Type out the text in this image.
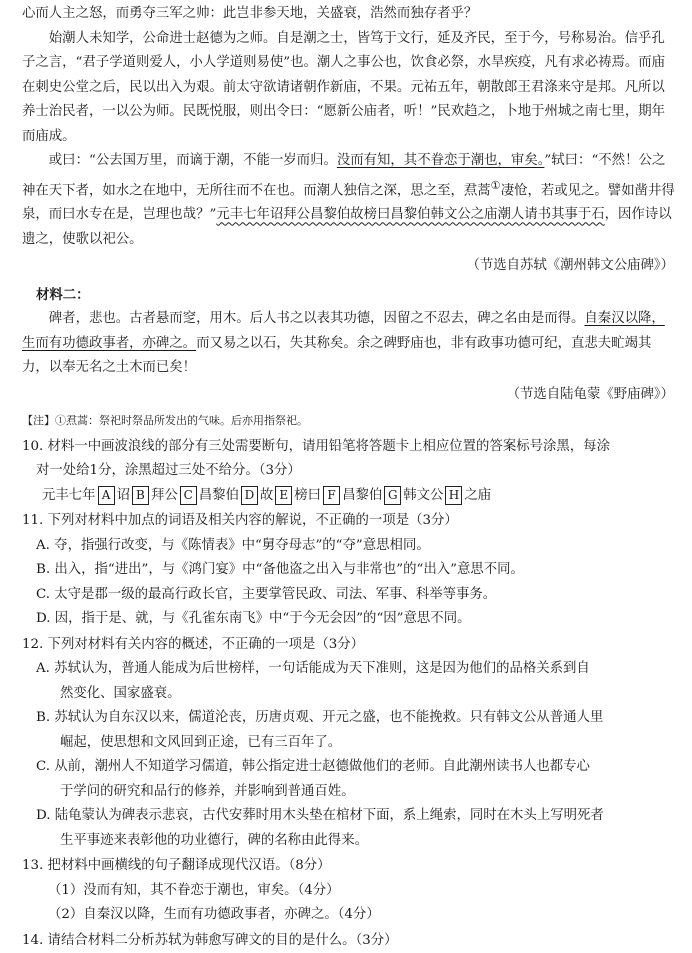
心而人主之怒，而勇夺三军之帅：此岂非参天地，关盛衰，浩然而独存者乎？

始潮人未知学，公命进士赵德为之师。自是潮之士，皆笃于文行，延及齐民，至于今，号称易治。信乎孔子之言，“君子学道则爱人，小人学道则易使”也。潮人之事公也，饮食必祭，水旱疾疫，凡有求必祷焉。而庙在刺史公堂之后，民以出入为艰。前太守欲请诸朝作新庙，不果。元祐五年，朝散郎王君涤来守是邦。凡所以养士治民者，一以公为师。民既悦服，则出令曰：“愿新公庙者，听！”民欢趋之，卜地于州城之南七里，期年而庙成。

或曰：“公去国万里，而谪于潮，不能一岁而归。没而有知，其不眷恋于潮也，审矣。”轼曰：“不然！公之神在天下者，如水之在地中，无所往而不在也。而潮人独信之深，思之至，焄蒿①凄怆，若或见之。譬如凿井得泉，而曰水专在是，岂理也哉？”元丰七年诏拜公昌黎伯故榜曰昌黎伯韩文公之庙潮人请书其事于石，因作诗以遗之，使歌以祀公。

（节选自苏轼《潮州韩文公庙碑》）

材料二：

碑者，悲也。古者悬而窆，用木。后人书之以表其功德，因留之不忍去，碑之名由是而得。自秦汉以降，生而有功德政事者，亦碑之。而又易之以石，失其称矣。余之碑野庙也，非有政事功德可纪，直悲夫甿竭其力，以奉无名之土木而已矣！

（节选自陆龟蒙《野庙碑》）

【注】①焄蒿：祭祀时祭品所发出的气味。后亦用指祭祀。

10. 材料一中画波浪线的部分有三处需要断句，请用铅笔将答题卡上相应位置的答案标号涂黑，每涂

对一处给1分，涂黑超过三处不给分。（3分）

元丰七年 A 诏 B 拜公 C 昌黎伯 D 故 E 榜曰 F 昌黎伯 G 韩文公 H 之庙

11. 下列对材料中加点的词语及相关内容的解说，不正确的一项是（3分）

A. 夺，指强行改变，与《陈情表》中“舅夺母志”的“夺”意思相同。

B. 出入，指“进出”，与《鸿门宴》中“备他盗之出入与非常也”的“出入”意思不同。

C. 太守是郡一级的最高行政长官，主要掌管民政、司法、军事、科举等事务。

D. 因，指于是、就，与《孔雀东南飞》中“于今无会因”的“因”意思不同。

12. 下列对材料有关内容的概述，不正确的一项是（3分）

A. 苏轼认为，普通人能成为后世榜样，一句话能成为天下准则，这是因为他们的品格关系到自
然变化、国家盛衰。

B. 苏轼认为自东汉以来，儒道沦丧，历唐贞观、开元之盛，也不能挽救。只有韩文公从普通人里
崛起，使思想和文风回到正途，已有三百年了。

C. 从前，潮州人不知道学习儒道，韩公指定进士赵德做他们的老师。自此潮州读书人也都专心
于学问的研究和品行的修养，并影响到普通百姓。

D. 陆龟蒙认为碑表示悲哀，古代安葬时用木头垫在棺材下面，系上绳索，同时在木头上写明死者
生平事迹来表彰他的功业德行，碑的名称由此得来。

13. 把材料中画横线的句子翻译成现代汉语。（8分）

（1）没而有知，其不眷恋于潮也，审矣。（4分）

（2）自秦汉以降，生而有功德政事者，亦碑之。（4分）

14. 请结合材料二分析苏轼为韩愈写碑文的目的是什么。（3分）
